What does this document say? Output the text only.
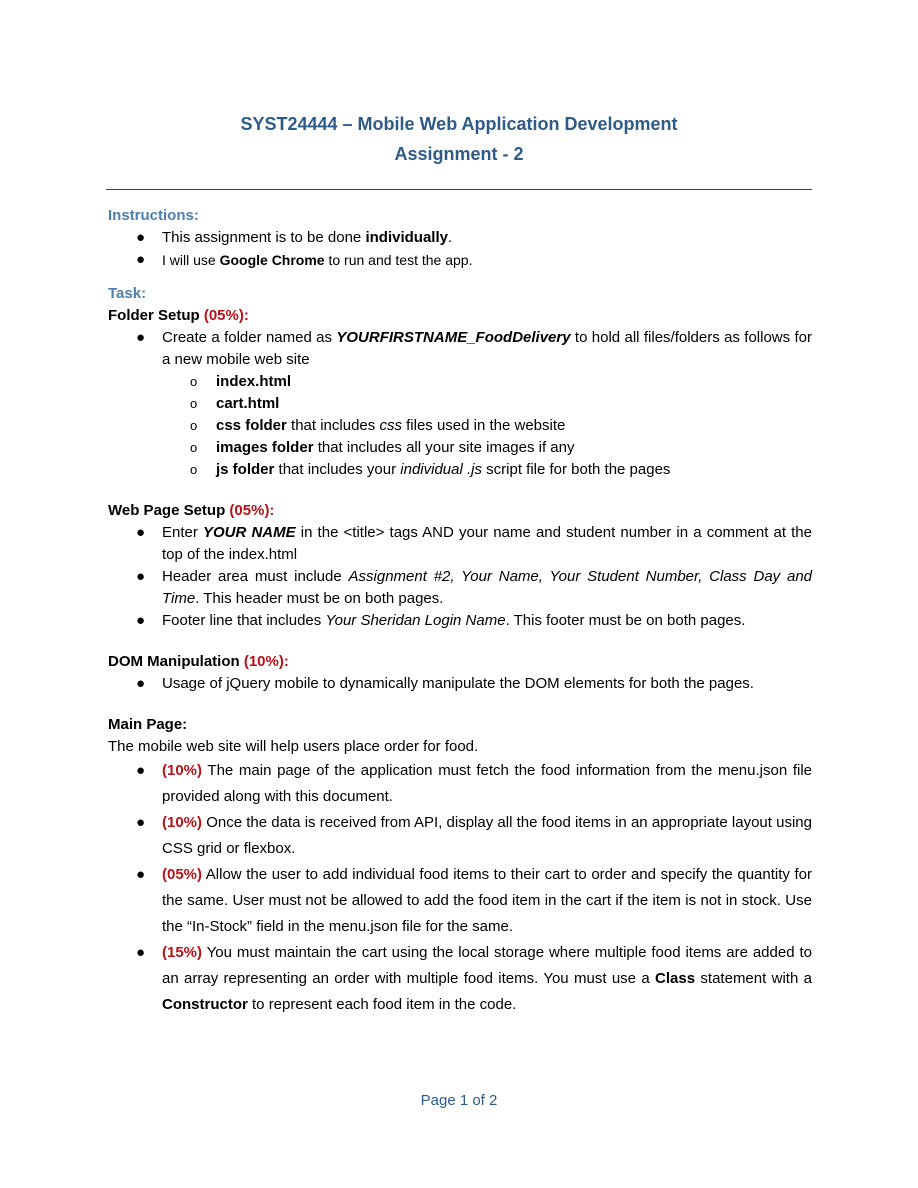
SYST24444 – Mobile Web Application Development
Assignment - 2
Instructions:
● This assignment is to be done individually.
● I will use Google Chrome to run and test the app.
Task:
Folder Setup (05%):
● Create a folder named as YOURFIRSTNAME_FoodDelivery to hold all files/folders as follows for a new mobile web site
o index.html
o cart.html
o css folder that includes css files used in the website
o images folder that includes all your site images if any
o js folder that includes your individual .js script file for both the pages
Web Page Setup (05%):
● Enter YOUR NAME in the <title> tags AND your name and student number in a comment at the top of the index.html
● Header area must include Assignment #2, Your Name, Your Student Number, Class Day and Time. This header must be on both pages.
● Footer line that includes Your Sheridan Login Name. This footer must be on both pages.
DOM Manipulation (10%):
● Usage of jQuery mobile to dynamically manipulate the DOM elements for both the pages.
Main Page:
The mobile web site will help users place order for food.
● (10%) The main page of the application must fetch the food information from the menu.json file provided along with this document.
● (10%) Once the data is received from API, display all the food items in an appropriate layout using CSS grid or flexbox.
● (05%) Allow the user to add individual food items to their cart to order and specify the quantity for the same. User must not be allowed to add the food item in the cart if the item is not in stock. Use the “In-Stock” field in the menu.json file for the same.
● (15%) You must maintain the cart using the local storage where multiple food items are added to an array representing an order with multiple food items. You must use a Class statement with a Constructor to represent each food item in the code.
Page 1 of 2
